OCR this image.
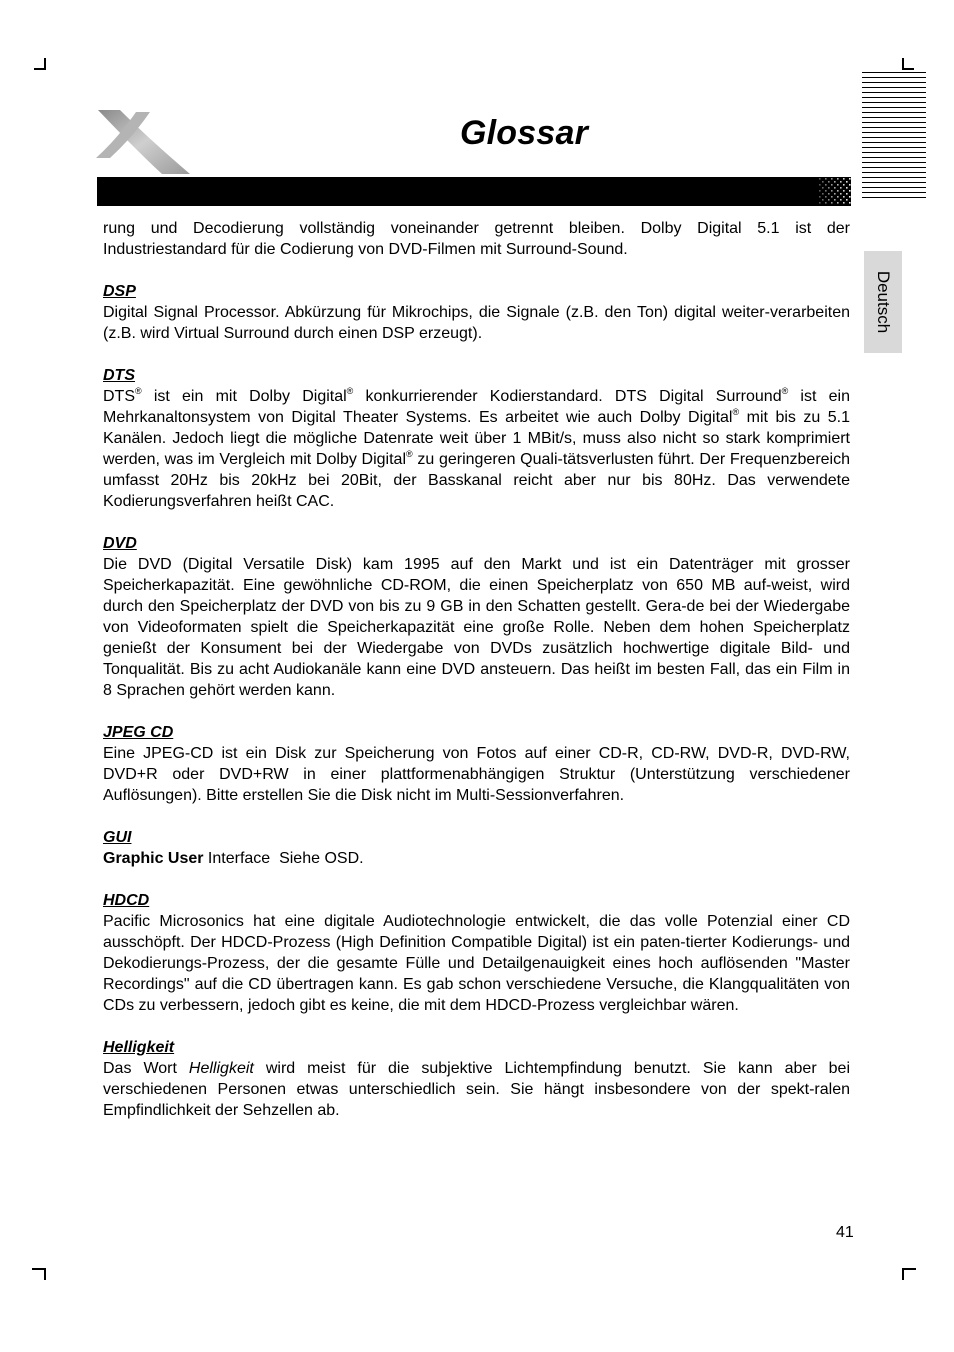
Glossar
Deutsch

rung und Decodierung vollständig voneinander getrennt bleiben. Dolby Digital 5.1 ist der Industriestandard für die Codierung von DVD-Filmen mit Surround-Sound.

DSP

Digital Signal Processor. Abkürzung für Mikrochips, die Signale (z.B. den Ton) digital weiter-verarbeiten (z.B. wird Virtual Surround durch einen DSP erzeugt).

DTS

DTS® ist ein mit Dolby Digital® konkurrierender Kodierstandard. DTS Digital Surround® ist ein Mehrkanaltonsystem von Digital Theater Systems. Es arbeitet wie auch Dolby Digital® mit bis zu 5.1 Kanälen. Jedoch liegt die mögliche Datenrate weit über 1 MBit/s, muss also nicht so stark komprimiert werden, was im Vergleich mit Dolby Digital® zu geringeren Quali-tätsverlusten führt. Der Frequenzbereich umfasst 20Hz bis 20kHz bei 20Bit, der Basskanal reicht aber nur bis 80Hz. Das verwendete Kodierungsverfahren heißt CAC.

DVD

Die DVD (Digital Versatile Disk) kam 1995 auf den Markt und ist ein Datenträger mit grosser Speicherkapazität. Eine gewöhnliche CD-ROM, die einen Speicherplatz von 650 MB auf-weist, wird durch den Speicherplatz der DVD von bis zu 9 GB in den Schatten gestellt. Gera-de bei der Wiedergabe von Videoformaten spielt die Speicherkapazität eine große Rolle. Neben dem hohen Speicherplatz genießt der Konsument bei der Wiedergabe von DVDs zusätzlich hochwertige digitale Bild- und Tonqualität. Bis zu acht Audiokanäle kann eine DVD ansteuern. Das heißt im besten Fall, das ein Film in 8 Sprachen gehört werden kann.

JPEG CD

Eine JPEG-CD ist ein Disk zur Speicherung von Fotos auf einer CD-R, CD-RW, DVD-R, DVD-RW, DVD+R oder DVD+RW in einer plattformenabhängigen Struktur (Unterstützung verschiedener Auflösungen). Bitte erstellen Sie die Disk nicht im Multi-Sessionverfahren.

GUI

Graphic User Interface  Siehe OSD.

HDCD

Pacific Microsonics hat eine digitale Audiotechnologie entwickelt, die das volle Potenzial einer CD ausschöpft. Der HDCD-Prozess (High Definition Compatible Digital) ist ein paten-tierter Kodierungs- und Dekodierungs-Prozess, der die gesamte Fülle und Detailgenauigkeit eines hoch auflösenden "Master Recordings" auf die CD übertragen kann. Es gab schon verschiedene Versuche, die Klangqualitäten von CDs zu verbessern, jedoch gibt es keine, die mit dem HDCD-Prozess vergleichbar wären.

Helligkeit

Das Wort Helligkeit wird meist für die subjektive Lichtempfindung benutzt. Sie kann aber bei verschiedenen Personen etwas unterschiedlich sein. Sie hängt insbesondere von der spekt-ralen Empfindlichkeit der Sehzellen ab.

41
